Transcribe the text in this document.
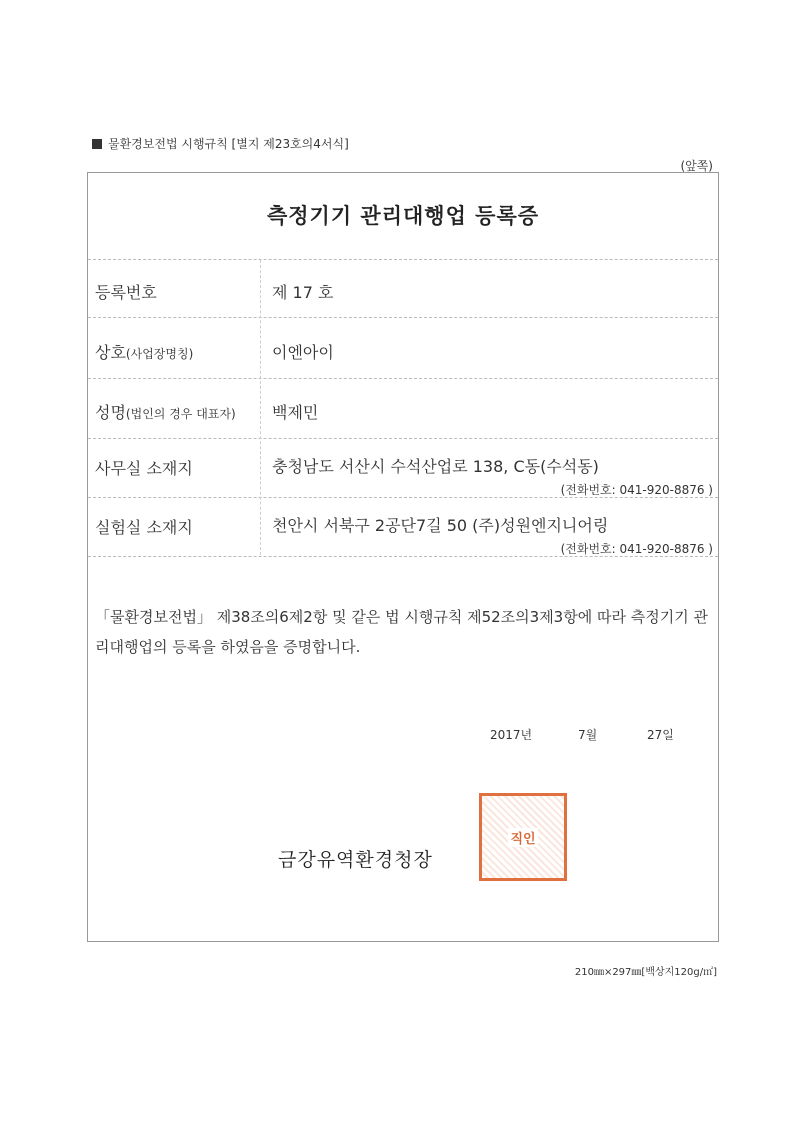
물환경보전법 시행규칙 [별지 제23호의4서식]
(앞쪽)
측정기기 관리대행업 등록증
등록번호	제 17 호
상호(사업장명칭)	이엔아이
성명(법인의 경우 대표자) 백제민
사무실 소재지	충청남도 서산시 수석산업로 138, C동(수석동)
(전화번호: 041-920-8876 )
실험실 소재지	천안시 서북구 2공단7길 50 (주)성원엔지니어링
(전화번호: 041-920-8876 )
「물환경보전법」 제38조의6제2항 및 같은 법 시행규칙 제52조의3제3항에 따라 측정기기 관리대행업의 등록을 하였음을 증명합니다.
2017년	7월	27일
금강유역환경청장
직인
210㎜×297㎜[백상지120g/㎡]
